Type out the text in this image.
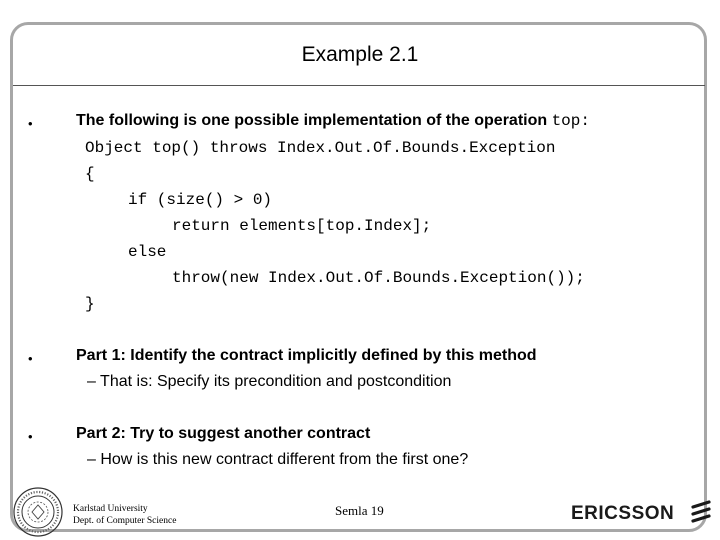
Example 2.1
•	The following is one possible implementation of the operation top:
Object top() throws Index.Out.Of.Bounds.Exception
{
if (size() > 0)
return elements[top.Index];
else
throw(new Index.Out.Of.Bounds.Exception());
}
•	Part 1: Identify the contract implicitly defined by this method
– That is: Specify its precondition and postcondition
•	Part 2: Try to suggest another contract
– How is this new contract different from the first one?
Karlstad University
Dept. of Computer Science
Semla 19	ERICSSON
